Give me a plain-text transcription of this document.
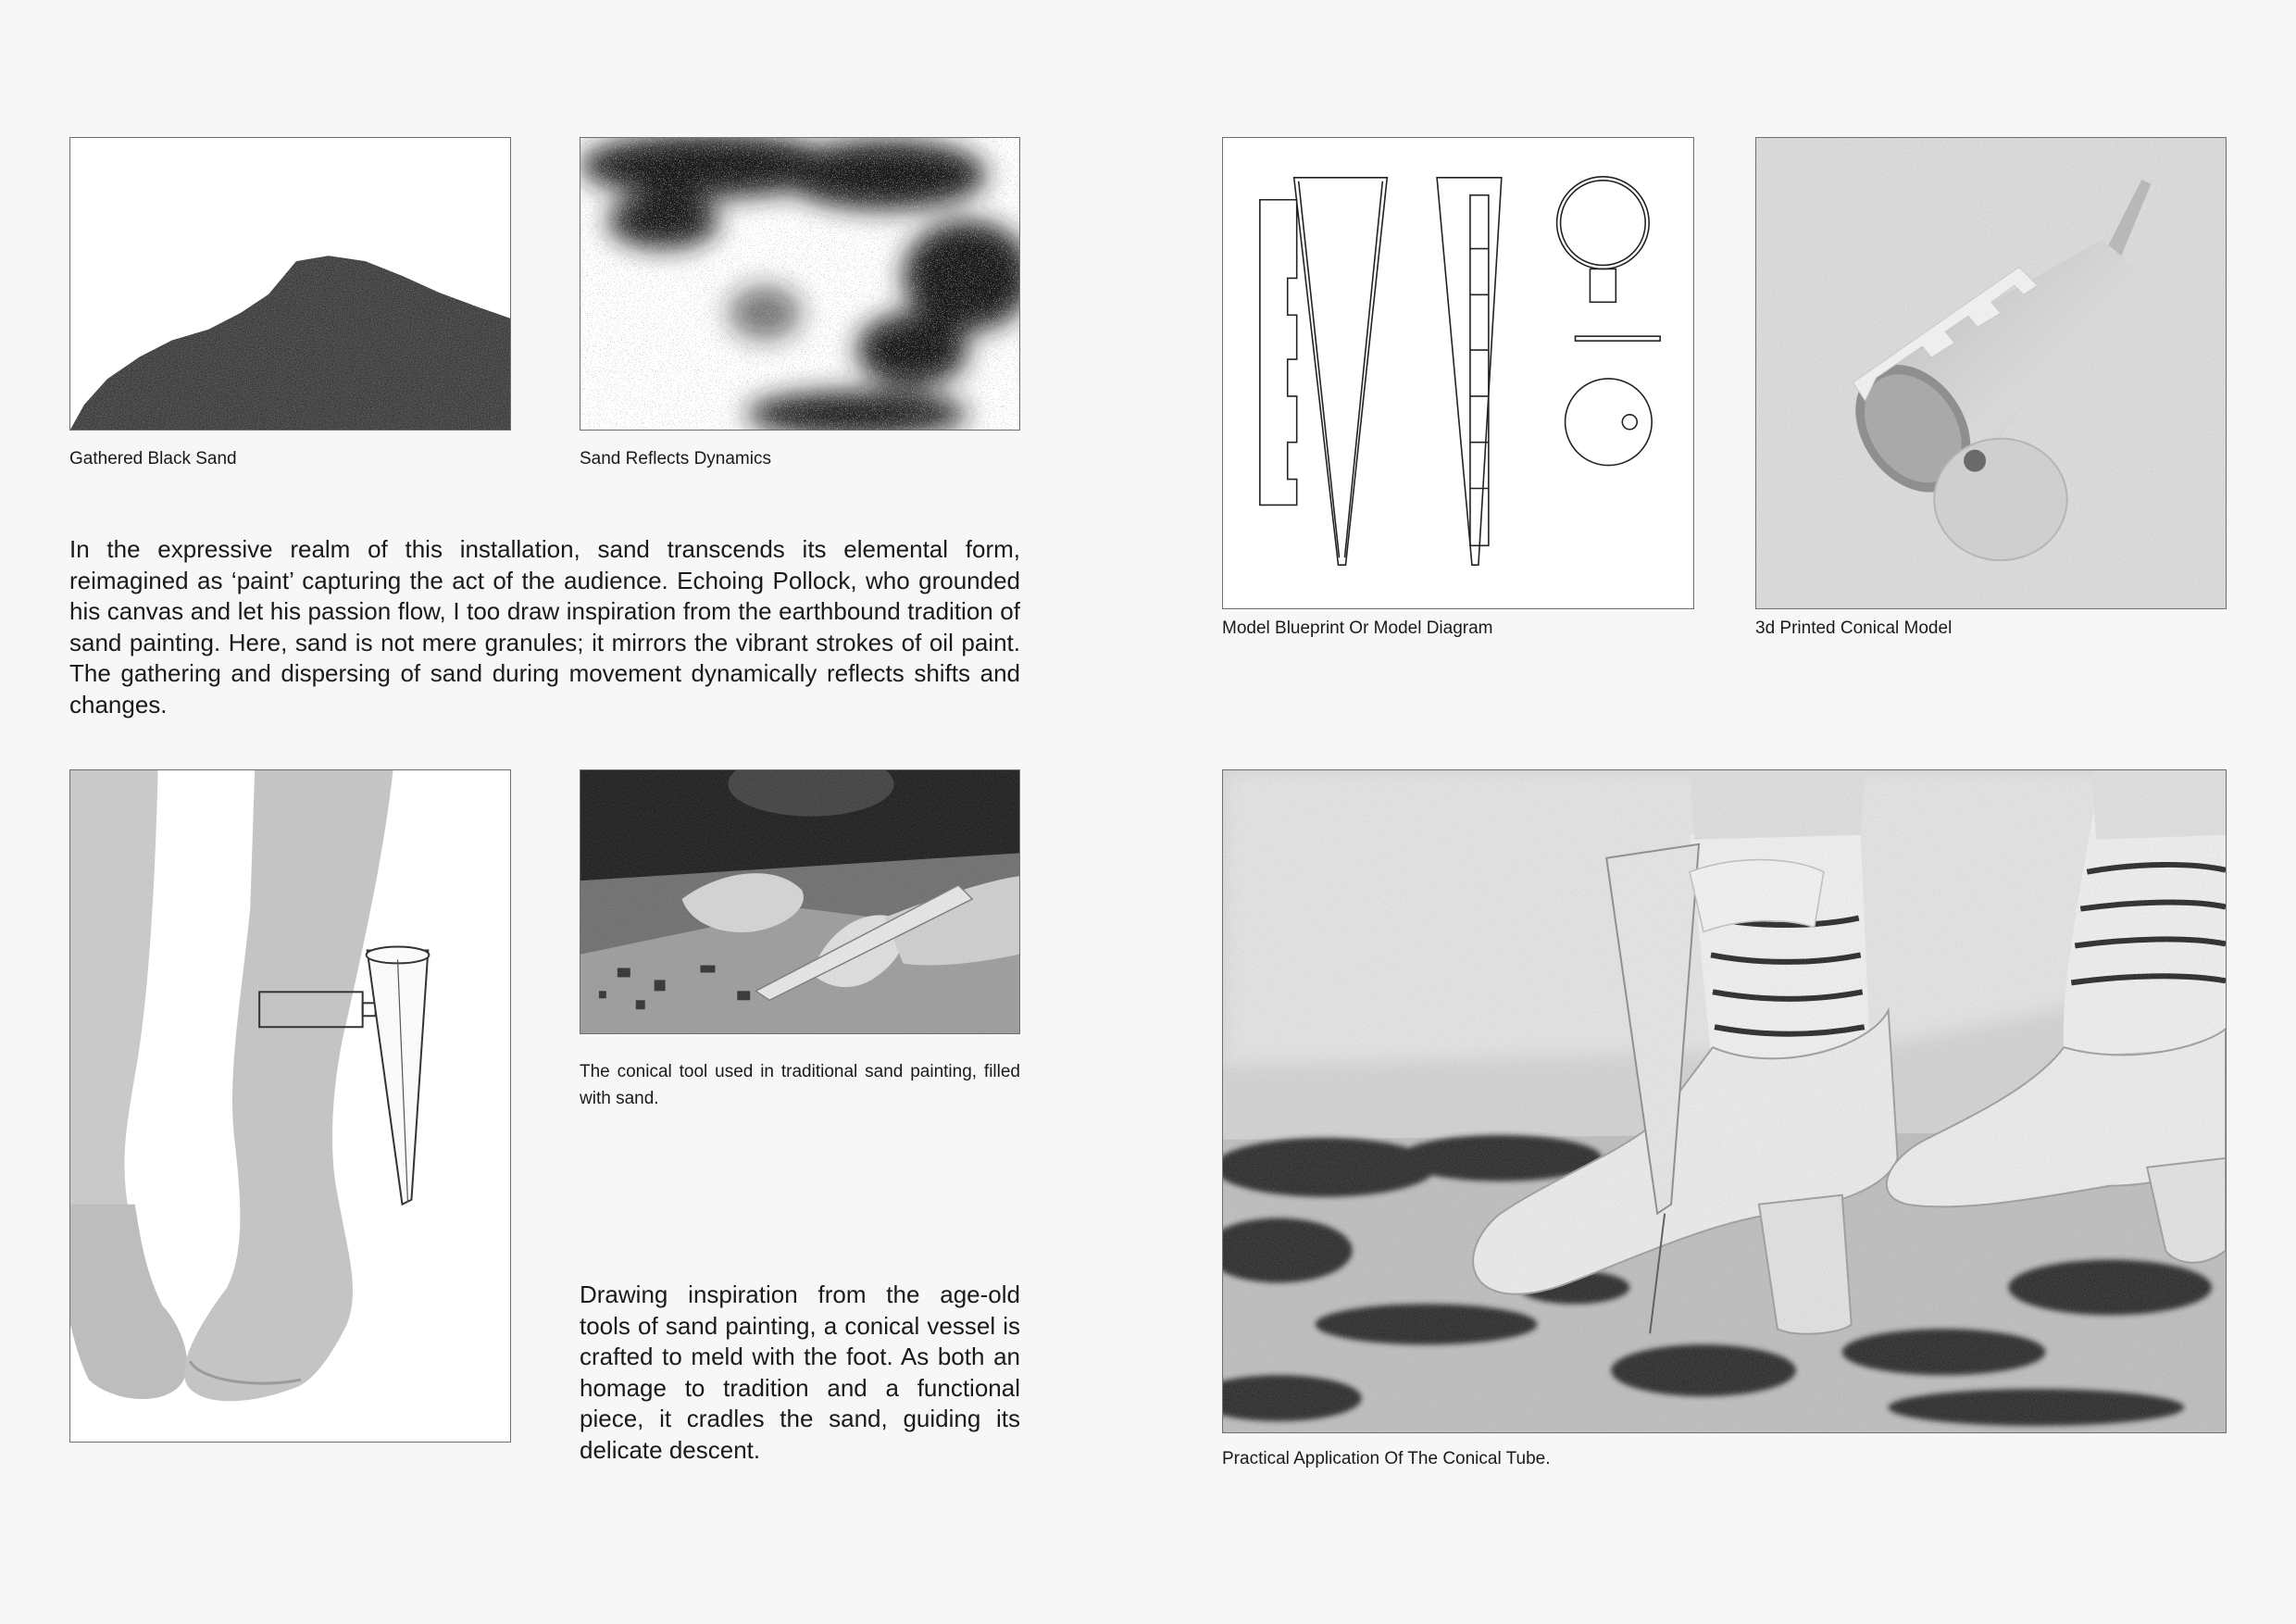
Gathered Black Sand	Sand Reflects Dynamics

In the expressive realm of this installation, sand transcends its elemental form, reimagined as ‘paint’ capturing the act of the audience. Echoing Pollock, who grounded his canvas and let his passion flow, I too draw inspiration from the earthbound tradition of sand painting. Here, sand is not mere granules; it mirrors the vibrant strokes of oil paint. The gathering and dispersing of sand during movement dynamically reflects shifts and changes.

The conical tool used in traditional sand painting, filled with sand.

Drawing inspiration from the age-old tools of sand painting, a conical vessel is crafted to meld with the foot. As both an homage to tradition and a functional piece, it cradles the sand, guiding its delicate descent.

Model Blueprint Or Model Diagram	3d Printed Conical Model

Practical Application Of The Conical Tube.
